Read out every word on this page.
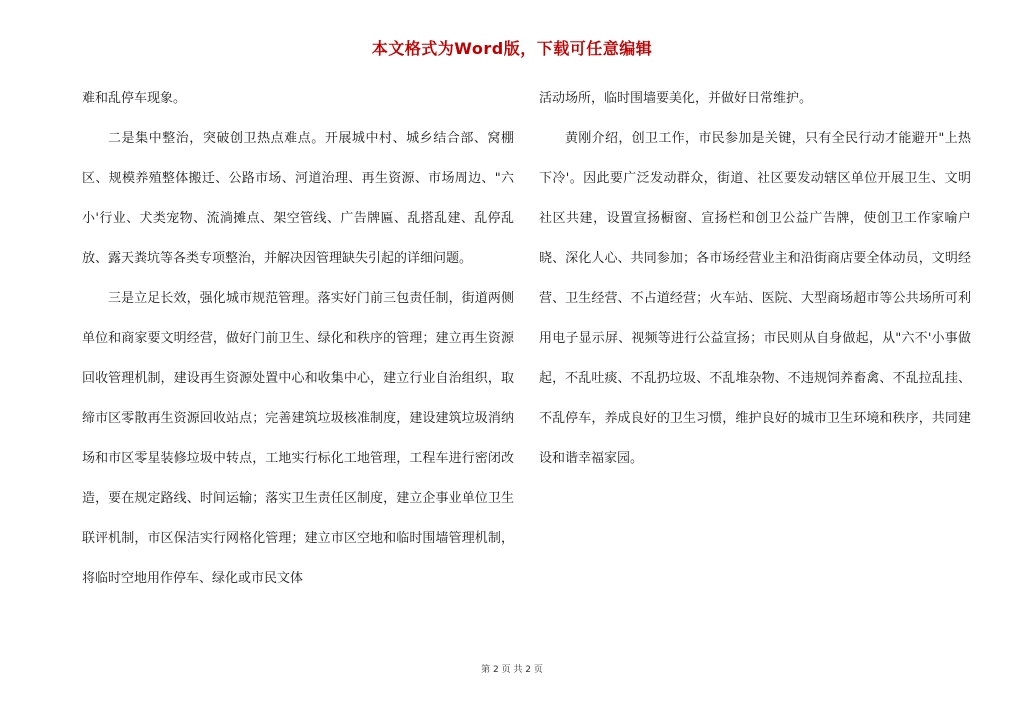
本文格式为Word版，下载可任意编辑

难和乱停车现象。

二是集中整治，突破创卫热点难点。开展城中村、城乡结合部、窝棚区、规模养殖整体搬迁、公路市场、河道治理、再生资源、市场周边、"六小'行业、犬类宠物、流淌摊点、架空管线、广告牌匾、乱搭乱建、乱停乱放、露天粪坑等各类专项整治，并解决因管理缺失引起的详细问题。

三是立足长效，强化城市规范管理。落实好门前三包责任制，街道两侧单位和商家要文明经营，做好门前卫生、绿化和秩序的管理；建立再生资源回收管理机制，建设再生资源处置中心和收集中心，建立行业自治组织，取缔市区零散再生资源回收站点；完善建筑垃圾核准制度，建设建筑垃圾消纳场和市区零星装修垃圾中转点，工地实行标化工地管理，工程车进行密闭改造，要在规定路线、时间运输；落实卫生责任区制度，建立企事业单位卫生联评机制，市区保洁实行网格化管理；建立市区空地和临时围墙管理机制，将临时空地用作停车、绿化或市民文体

活动场所，临时围墙要美化，并做好日常维护。

黄刚介绍，创卫工作，市民参加是关键，只有全民行动才能避开"上热下冷'。因此要广泛发动群众，街道、社区要发动辖区单位开展卫生、文明社区共建，设置宣扬橱窗、宣扬栏和创卫公益广告牌，使创卫工作家喻户晓、深化人心、共同参加；各市场经营业主和沿街商店要全体动员，文明经营、卫生经营、不占道经营；火车站、医院、大型商场超市等公共场所可利用电子显示屏、视频等进行公益宣扬；市民则从自身做起，从"六不'小事做起，不乱吐痰、不乱扔垃圾、不乱堆杂物、不违规饲养畜禽、不乱拉乱挂、不乱停车，养成良好的卫生习惯，维护良好的城市卫生环境和秩序，共同建设和谐幸福家园。

第 2 页 共 2 页
